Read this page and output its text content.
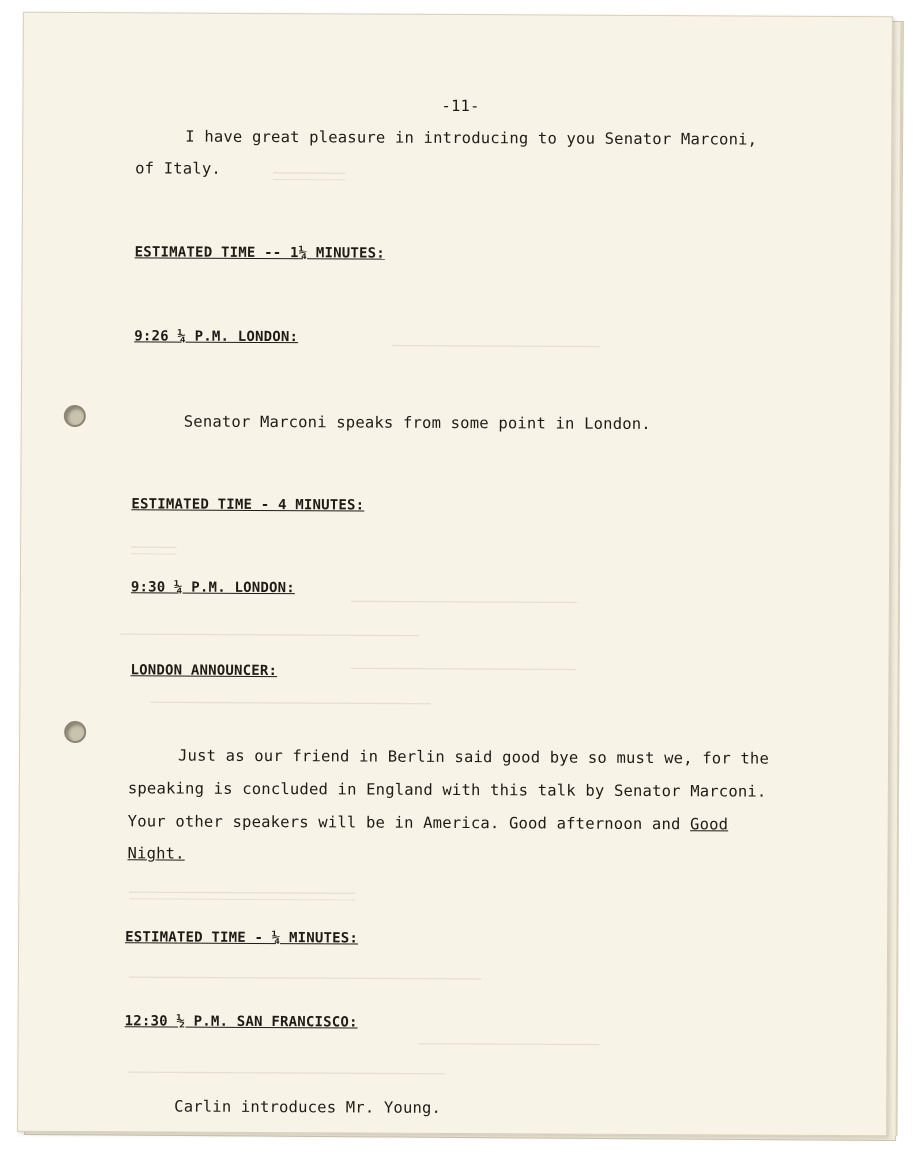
────────
───────────────────────
─────
─────────────────────────
─────────────────────────────────
─────────────────────────
───────────────────────────────
─────────────────────────
───────────────────────────────────────
────────────────────
───────────────────────────────────
-11-
I have great pleasure in introducing to you Senator Marconi,
of Italy.
ESTIMATED TIME -- 1¼ MINUTES:
9:26 ¼ P.M. LONDON:
Senator Marconi speaks from some point in London.
ESTIMATED TIME - 4 MINUTES:
9:30 ¼ P.M. LONDON:
LONDON ANNOUNCER:
Just as our friend in Berlin said good bye so must we, for the
speaking is concluded in England with this talk by Senator Marconi.
Your other speakers will be in America. Good afternoon and Good
Night.
ESTIMATED TIME - ¼ MINUTES:
12:30 ½ P.M. SAN FRANCISCO:
Carlin introduces Mr. Young.
